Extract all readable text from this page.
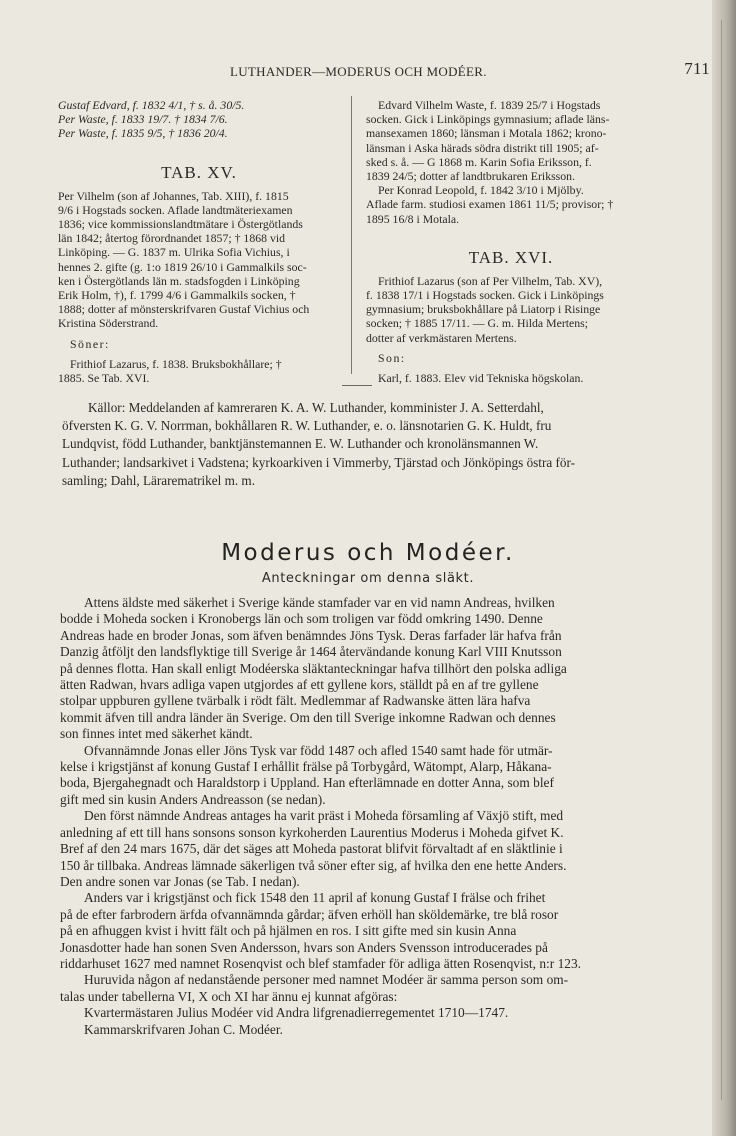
LUTHANDER—MODERUS OCH MODÉER.	711
Gustaf Edvard, f. 1832 4/1, † s. å. 30/5.
Per Waste, f. 1833 19/7. † 1834 7/6.
Per Waste, f. 1835 9/5, † 1836 20/4.

TAB. XV.

Per Vilhelm (son af Johannes, Tab. XIII), f. 1815
9/6 i Hogstads socken. Aflade landtmäteriexamen
1836; vice kommissionslandtmätare i Östergötlands
län 1842; återtog förordnandet 1857; † 1868 vid
Linköping. — G. 1837 m. Ulrika Sofia Vichius, i
hennes 2. gifte (g. 1:o 1819 26/10 i Gammalkils soc-
ken i Östergötlands län m. stadsfogden i Linköping
Erik Holm, †), f. 1799 4/6 i Gammalkils socken, †
1888; dotter af mönsterskrifvaren Gustaf Vichius och
Kristina Söderstrand.
Söner:
Frithiof Lazarus, f. 1838. Bruksbokhållare; †
1885. Se Tab. XVI.
Edvard Vilhelm Waste, f. 1839 25/7 i Hogstads
socken. Gick i Linköpings gymnasium; aflade läns-
mansexamen 1860; länsman i Motala 1862; krono-
länsman i Aska härads södra distrikt till 1905; af-
sked s. å. — G 1868 m. Karin Sofia Eriksson, f.
1839 24/5; dotter af landtbrukaren Eriksson.
Per Konrad Leopold, f. 1842 3/10 i Mjölby.
Aflade farm. studiosi examen 1861 11/5; provisor; †
1895 16/8 i Motala.

TAB. XVI.

Frithiof Lazarus (son af Per Vilhelm, Tab. XV),
f. 1838 17/1 i Hogstads socken. Gick i Linköpings
gymnasium; bruksbokhållare på Liatorp i Risinge
socken; † 1885 17/11. — G. m. Hilda Mertens;
dotter af verkmästaren Mertens.
Son:
Karl, f. 1883. Elev vid Tekniska högskolan.
Källor: Meddelanden af kamreraren K. A. W. Luthander, komminister J. A. Setterdahl,
öfversten K. G. V. Norrman, bokhållaren R. W. Luthander, e. o. länsnotarien G. K. Huldt, fru
Lundqvist, född Luthander, banktjänstemannen E. W. Luthander och kronolänsmannen W.
Luthander; landsarkivet i Vadstena; kyrkoarkiven i Vimmerby, Tjärstad och Jönköpings östra för-
samling; Dahl, Lärarematrikel m. m.
Moderus och Modéer.
Anteckningar om denna släkt.
Attens äldste med säkerhet i Sverige kände stamfader var en vid namn Andreas, hvilken
bodde i Moheda socken i Kronobergs län och som troligen var född omkring 1490. Denne
Andreas hade en broder Jonas, som äfven benämndes Jöns Tysk. Deras farfader lär hafva från
Danzig åtföljt den landsflyktige till Sverige år 1464 återvändande konung Karl VIII Knutsson
på dennes flotta. Han skall enligt Modéerska släktanteckningar hafva tillhört den polska adliga
ätten Radwan, hvars adliga vapen utgjordes af ett gyllene kors, ställdt på en af tre gyllene
stolpar uppburen gyllene tvärbalk i rödt fält. Medlemmar af Radwanske ätten lära hafva
kommit äfven till andra länder än Sverige. Om den till Sverige inkomne Radwan och dennes
son finnes intet med säkerhet kändt.
Ofvannämnde Jonas eller Jöns Tysk var född 1487 och afled 1540 samt hade för utmär-
kelse i krigstjänst af konung Gustaf I erhållit frälse på Torbygård, Wätompt, Alarp, Håkana-
boda, Bjergahegnadt och Haraldstorp i Uppland. Han efterlämnade en dotter Anna, som blef
gift med sin kusin Anders Andreasson (se nedan).
Den först nämnde Andreas antages ha varit präst i Moheda församling af Växjö stift, med
anledning af ett till hans sonsons sonson kyrkoherden Laurentius Moderus i Moheda gifvet K.
Bref af den 24 mars 1675, där det säges att Moheda pastorat blifvit förvaltadt af en släktlinie i
150 år tillbaka. Andreas lämnade säkerligen två söner efter sig, af hvilka den ene hette Anders.
Den andre sonen var Jonas (se Tab. I nedan).
Anders var i krigstjänst och fick 1548 den 11 april af konung Gustaf I frälse och frihet
på de efter farbrodern ärfda ofvannämnda gårdar; äfven erhöll han sköldemärke, tre blå rosor
på en afhuggen kvist i hvitt fält och på hjälmen en ros. I sitt gifte med sin kusin Anna
Jonasdotter hade han sonen Sven Andersson, hvars son Anders Svensson introducerades på
riddarhuset 1627 med namnet Rosenqvist och blef stamfader för adliga ätten Rosenqvist, n:r 123.
Huruvida någon af nedanstående personer med namnet Modéer är samma person som om-
talas under tabellerna VI, X och XI har ännu ej kunnat afgöras:
Kvartermästaren Julius Modéer vid Andra lifgrenadierregementet 1710—1747.
Kammarskrifvaren Johan C. Modéer.
